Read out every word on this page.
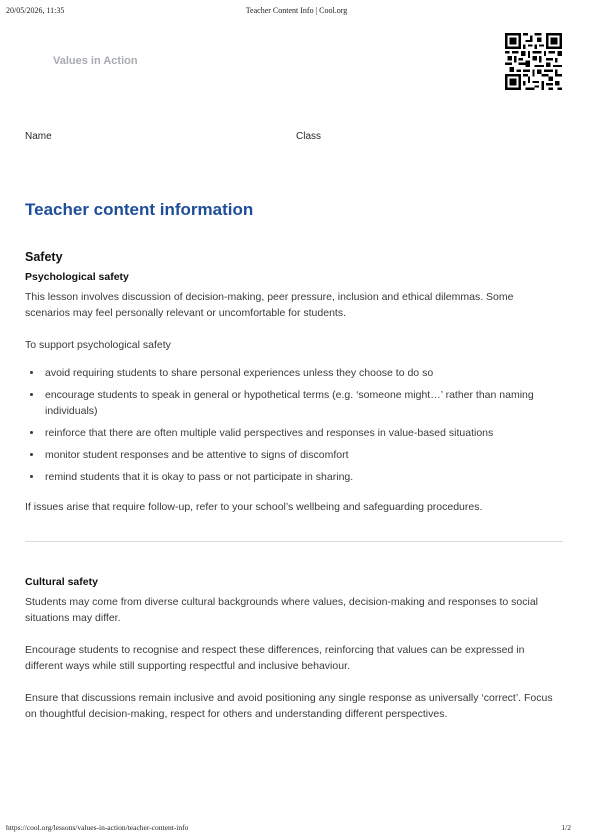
20/05/2026, 11:35	Teacher Content Info | Cool.org
Values in Action
Name	Class
Teacher content information
Safety
Psychological safety

This lesson involves discussion of decision-making, peer pressure, inclusion and ethical dilemmas. Some scenarios may feel personally relevant or uncomfortable for students.

To support psychological safety

• avoid requiring students to share personal experiences unless they choose to do so
• encourage students to speak in general or hypothetical terms (e.g. ‘someone might…’ rather than naming individuals)
• reinforce that there are often multiple valid perspectives and responses in value-based situations
• monitor student responses and be attentive to signs of discomfort
• remind students that it is okay to pass or not participate in sharing.

If issues arise that require follow-up, refer to your school’s wellbeing and safeguarding procedures.

Cultural safety

Students may come from diverse cultural backgrounds where values, decision-making and responses to social situations may differ.

Encourage students to recognise and respect these differences, reinforcing that values can be expressed in different ways while still supporting respectful and inclusive behaviour.

Ensure that discussions remain inclusive and avoid positioning any single response as universally ‘correct’. Focus on thoughtful decision-making, respect for others and understanding different perspectives.

https://cool.org/lessons/values-in-action/teacher-content-info	1/2
